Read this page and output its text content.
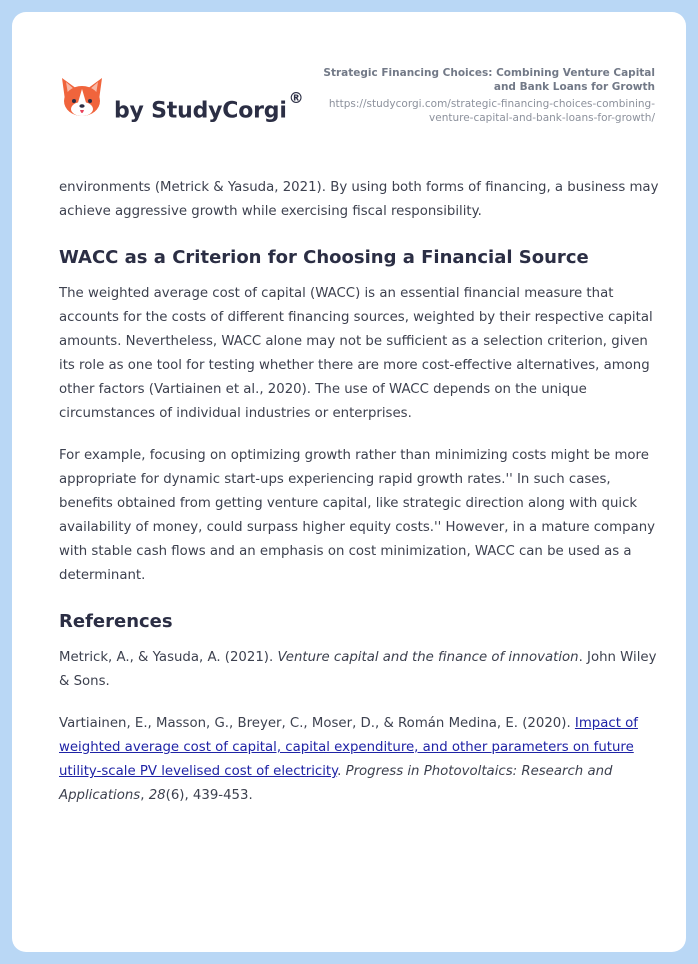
by StudyCorgi®
Strategic Financing Choices: Combining Venture Capital
and Bank Loans for Growth
https://studycorgi.com/strategic-financing-choices-combining-
venture-capital-and-bank-loans-for-growth/

environments (Metrick & Yasuda, 2021). By using both forms of financing, a business may achieve aggressive growth while exercising fiscal responsibility.

WACC as a Criterion for Choosing a Financial Source

The weighted average cost of capital (WACC) is an essential financial measure that accounts for the costs of different financing sources, weighted by their respective capital amounts. Nevertheless, WACC alone may not be sufficient as a selection criterion, given its role as one tool for testing whether there are more cost-effective alternatives, among other factors (Vartiainen et al., 2020). The use of WACC depends on the unique circumstances of individual industries or enterprises.

For example, focusing on optimizing growth rather than minimizing costs might be more appropriate for dynamic start-ups experiencing rapid growth rates.'' In such cases, benefits obtained from getting venture capital, like strategic direction along with quick availability of money, could surpass higher equity costs.'' However, in a mature company with stable cash flows and an emphasis on cost minimization, WACC can be used as a determinant.

References

Metrick, A., & Yasuda, A. (2021). Venture capital and the finance of innovation. John Wiley & Sons.

Vartiainen, E., Masson, G., Breyer, C., Moser, D., & Román Medina, E. (2020). Impact of weighted average cost of capital, capital expenditure, and other parameters on future utility-scale PV levelised cost of electricity. Progress in Photovoltaics: Research and Applications, 28(6), 439-453.
